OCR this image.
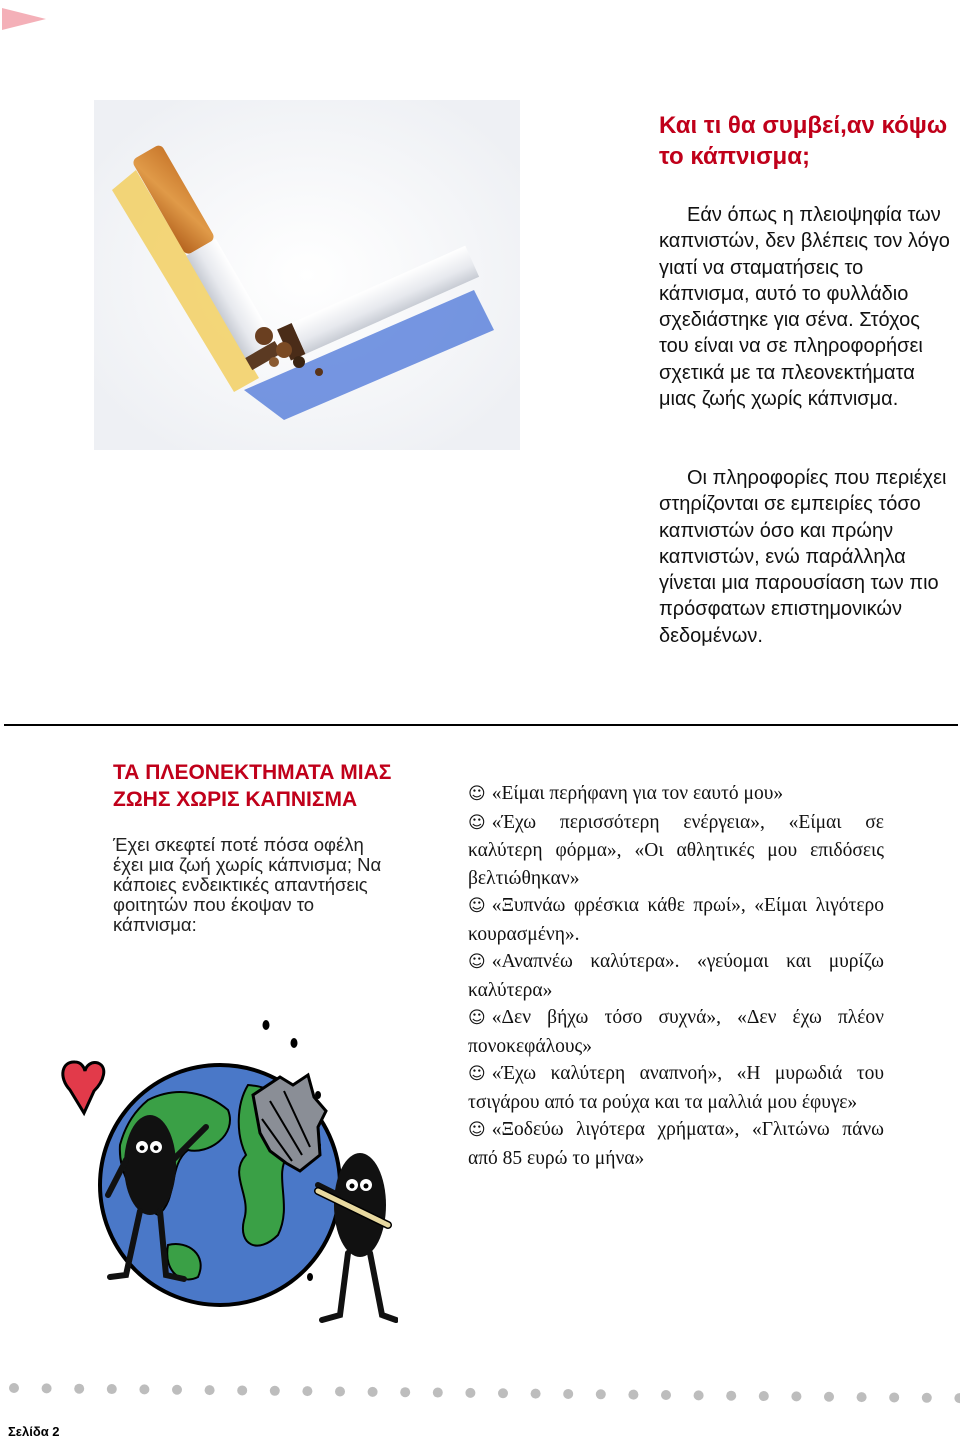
Και τι θα συμβεί,αν κόψω το κάπνισμα;

Εάν όπως η πλειοψηφία των καπνιστών, δεν βλέπεις τον λόγο γιατί να σταματήσεις το κάπνισμα, αυτό το φυλλάδιο σχεδιάστηκε για σένα. Στόχος του είναι να σε πληροφορήσει σχετικά με τα πλεονεκτήματα μιας ζωής χωρίς κάπνισμα.

Οι πληροφορίες που περιέχει στηρίζονται σε εμπειρίες τόσο καπνιστών όσο και πρώην καπνιστών, ενώ παράλληλα γίνεται μια παρουσίαση των πιο πρόσφατων επιστημονικών δεδομένων.

ΤΑ ΠΛΕΟΝΕΚΤΗΜΑΤΑ ΜΙΑΣ ΖΩΗΣ ΧΩΡΙΣ ΚΑΠΝΙΣΜΑ

Έχει σκεφτεί ποτέ πόσα οφέλη έχει μια ζωή χωρίς κάπνισμα; Να κάποιες ενδεικτικές απαντήσεις φοιτητών που έκοψαν το κάπνισμα:

☺ «Είμαι περήφανη για τον εαυτό μου»
☺ «Έχω περισσότερη ενέργεια», «Είμαι σε καλύτερη φόρμα», «Οι αθλητικές μου επιδόσεις βελτιώθηκαν»
☺ «Ξυπνάω φρέσκια κάθε πρωί», «Είμαι λιγότερο κουρασμένη».
☺ «Αναπνέω καλύτερα». «γεύομαι και μυρίζω καλύτερα»
☺ «Δεν βήχω τόσο συχνά», «Δεν έχω πλέον πονοκεφάλους»
☺ «Έχω καλύτερη αναπνοή», «Η μυρωδιά του τσιγάρου από τα ρούχα και τα μαλλιά μου έφυγε»
☺ «Ξοδεύω λιγότερα χρήματα», «Γλιτώνω πάνω από 85 ευρώ το μήνα»

Σελίδα 2
